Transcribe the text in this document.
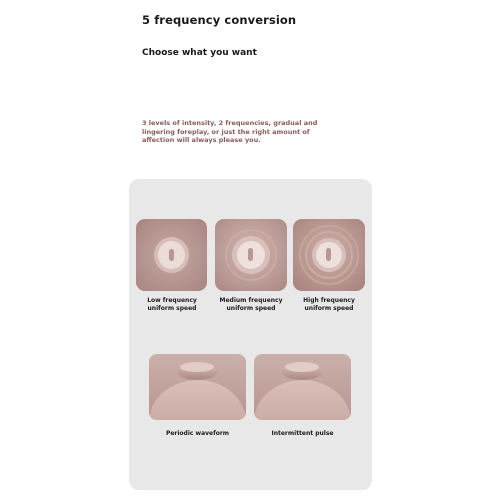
5 frequency conversion
Choose what you want
3 levels of intensity, 2 frequencies, gradual and lingering foreplay, or just the right amount of affection will always please you.
Low frequency
uniform speed
Medium frequency
uniform speed
High frequency
uniform speed
Periodic waveform	Intermittent pulse
